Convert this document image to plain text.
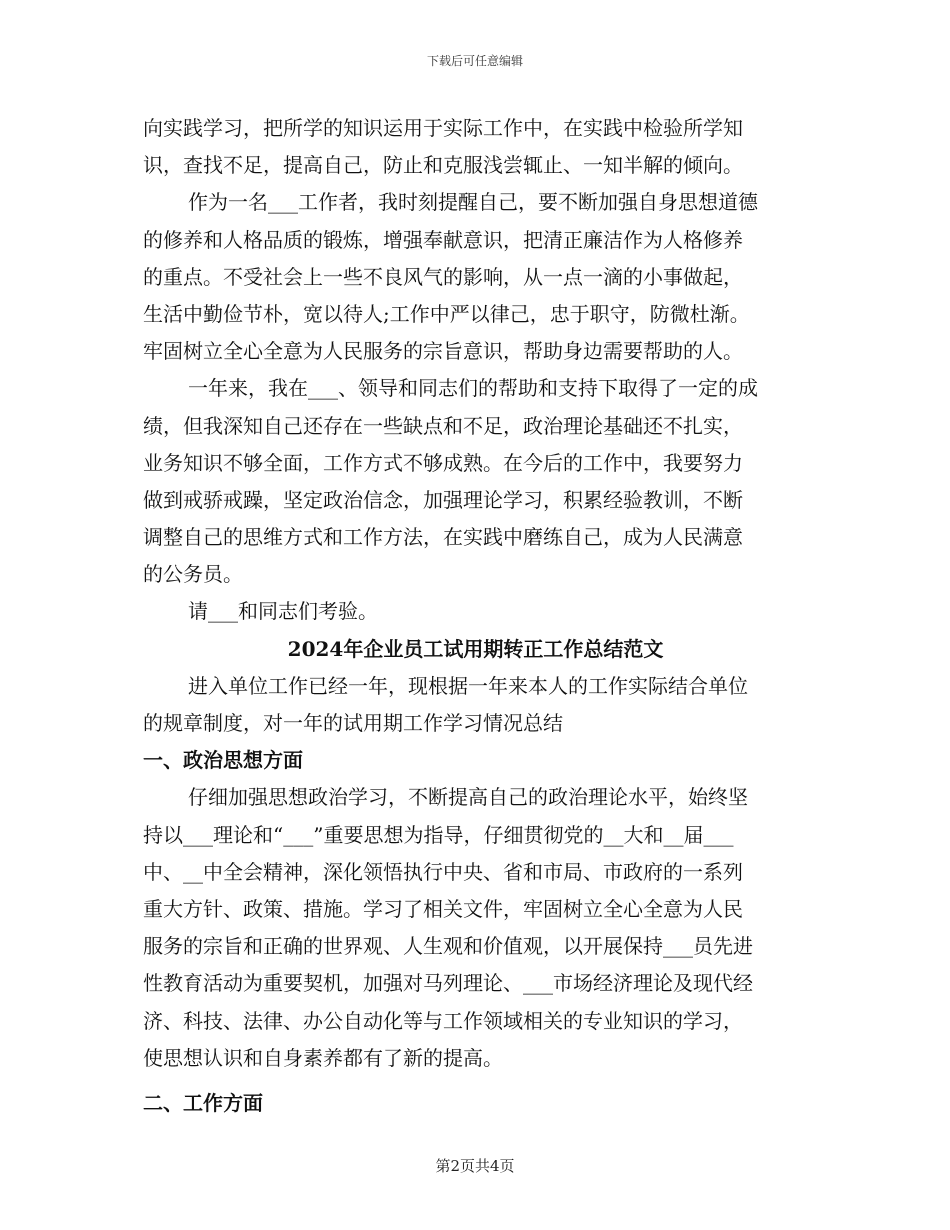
下载后可任意编辑
向实践学习，把所学的知识运用于实际工作中，在实践中检验所学知
识，查找不足，提高自己，防止和克服浅尝辄止、一知半解的倾向。
作为一名___工作者，我时刻提醒自己，要不断加强自身思想道德
的修养和人格品质的锻炼，增强奉献意识，把清正廉洁作为人格修养
的重点。不受社会上一些不良风气的影响，从一点一滴的小事做起，
生活中勤俭节朴，宽以待人;工作中严以律己，忠于职守，防微杜渐。
牢固树立全心全意为人民服务的宗旨意识，帮助身边需要帮助的人。
一年来，我在___、领导和同志们的帮助和支持下取得了一定的成
绩，但我深知自己还存在一些缺点和不足，政治理论基础还不扎实，
业务知识不够全面，工作方式不够成熟。在今后的工作中，我要努力
做到戒骄戒躁，坚定政治信念，加强理论学习，积累经验教训，不断
调整自己的思维方式和工作方法，在实践中磨练自己，成为人民满意
的公务员。
请___和同志们考验。
2024年企业员工试用期转正工作总结范文
进入单位工作已经一年，现根据一年来本人的工作实际结合单位
的规章制度，对一年的试用期工作学习情况总结
一、政治思想方面
仔细加强思想政治学习，不断提高自己的政治理论水平，始终坚
持以___理论和“___”重要思想为指导，仔细贯彻党的__大和__届___
中、__中全会精神，深化领悟执行中央、省和市局、市政府的一系列
重大方针、政策、措施。学习了相关文件，牢固树立全心全意为人民
服务的宗旨和正确的世界观、人生观和价值观，以开展保持___员先进
性教育活动为重要契机，加强对马列理论、___市场经济理论及现代经
济、科技、法律、办公自动化等与工作领域相关的专业知识的学习，
使思想认识和自身素养都有了新的提高。
二、工作方面
第2页共4页
